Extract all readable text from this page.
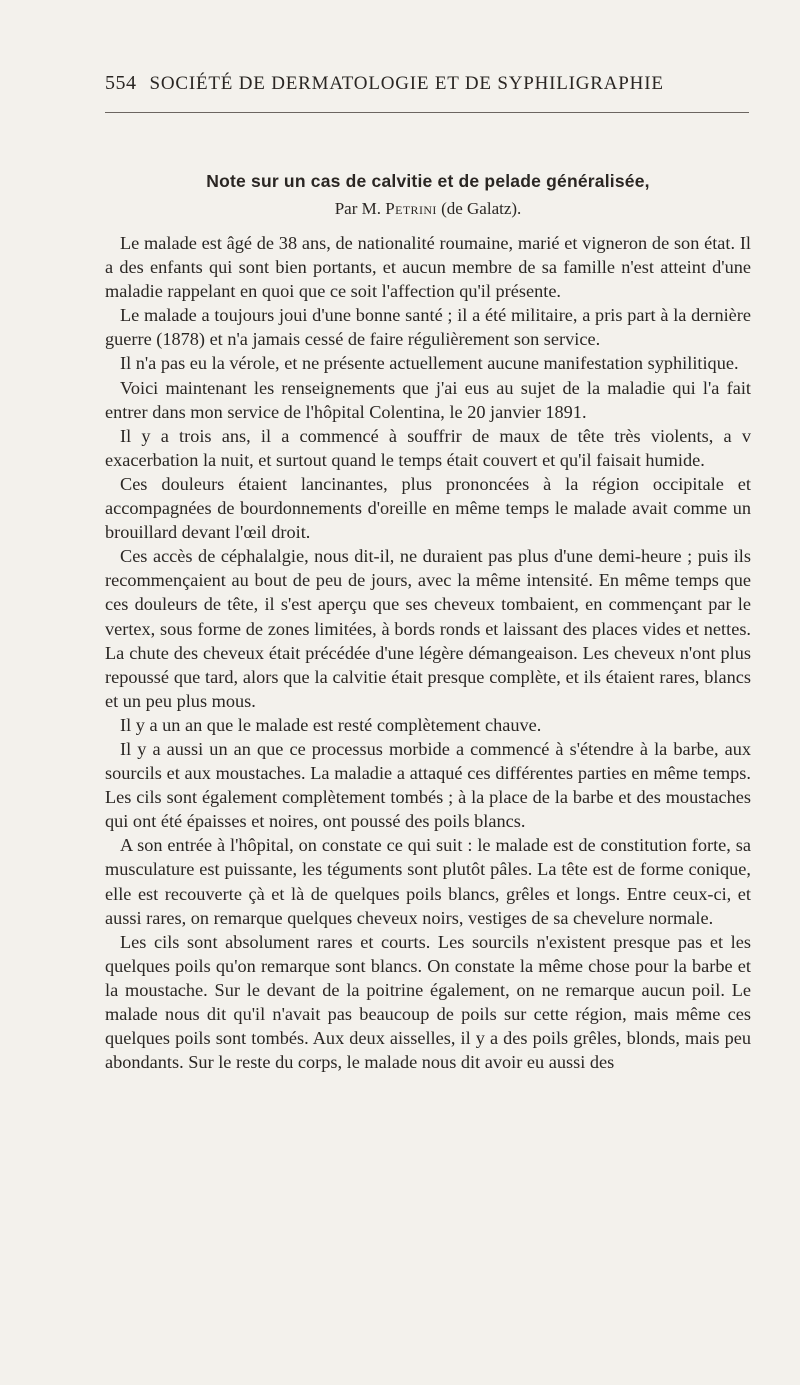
554 SOCIÉTÉ DE DERMATOLOGIE ET DE SYPHILIGRAPHIE
Note sur un cas de calvitie et de pelade généralisée,
Par M. Petrini (de Galatz).

Le malade est âgé de 38 ans, de nationalité roumaine, marié et vigneron de son état. Il a des enfants qui sont bien portants, et aucun membre de sa famille n'est atteint d'une maladie rappelant en quoi que ce soit l'affection qu'il présente.

Le malade a toujours joui d'une bonne santé ; il a été militaire, a pris part à la dernière guerre (1878) et n'a jamais cessé de faire régulièrement son service.

Il n'a pas eu la vérole, et ne présente actuellement aucune manifestation syphilitique.

Voici maintenant les renseignements que j'ai eus au sujet de la maladie qui l'a fait entrer dans mon service de l'hôpital Colentina, le 20 janvier 1891.

Il y a trois ans, il a commencé à souffrir de maux de tête très violents, a v exacerbation la nuit, et surtout quand le temps était couvert et qu'il faisait humide.

Ces douleurs étaient lancinantes, plus prononcées à la région occipitale et accompagnées de bourdonnements d'oreille en même temps le malade avait comme un brouillard devant l'œil droit.

Ces accès de céphalalgie, nous dit-il, ne duraient pas plus d'une demi-heure ; puis ils recommençaient au bout de peu de jours, avec la même intensité. En même temps que ces douleurs de tête, il s'est aperçu que ses cheveux tombaient, en commençant par le vertex, sous forme de zones limitées, à bords ronds et laissant des places vides et nettes. La chute des cheveux était précédée d'une légère démangeaison. Les cheveux n'ont plus repoussé que tard, alors que la calvitie était presque complète, et ils étaient rares, blancs et un peu plus mous.

Il y a un an que le malade est resté complètement chauve.

Il y a aussi un an que ce processus morbide a commencé à s'étendre à la barbe, aux sourcils et aux moustaches. La maladie a attaqué ces différentes parties en même temps. Les cils sont également complètement tombés ; à la place de la barbe et des moustaches qui ont été épaisses et noires, ont poussé des poils blancs.

A son entrée à l'hôpital, on constate ce qui suit : le malade est de constitution forte, sa musculature est puissante, les téguments sont plutôt pâles. La tête est de forme conique, elle est recouverte çà et là de quelques poils blancs, grêles et longs. Entre ceux-ci, et aussi rares, on remarque quelques cheveux noirs, vestiges de sa chevelure normale.

Les cils sont absolument rares et courts. Les sourcils n'existent presque pas et les quelques poils qu'on remarque sont blancs. On constate la même chose pour la barbe et la moustache. Sur le devant de la poitrine également, on ne remarque aucun poil. Le malade nous dit qu'il n'avait pas beaucoup de poils sur cette région, mais même ces quelques poils sont tombés. Aux deux aisselles, il y a des poils grêles, blonds, mais peu abondants. Sur le reste du corps, le malade nous dit avoir eu aussi des
